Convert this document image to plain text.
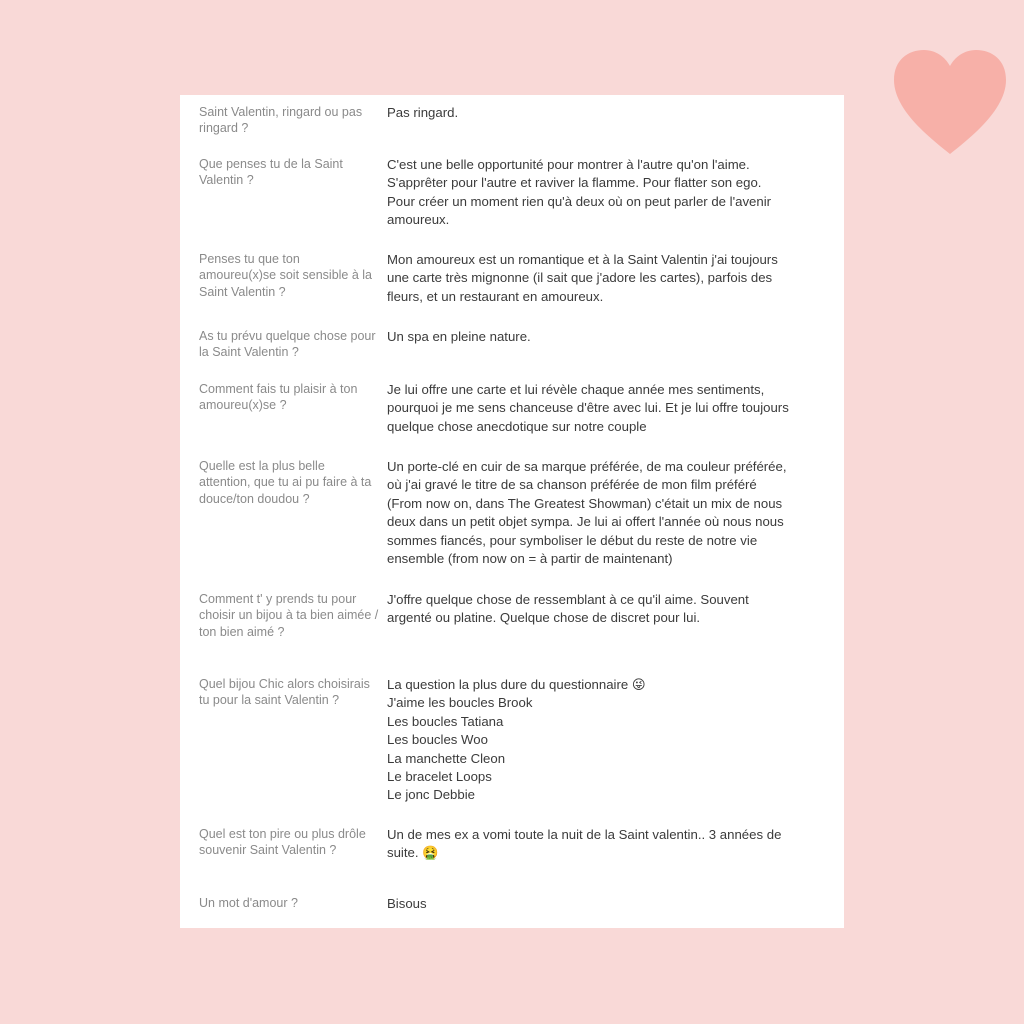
Saint Valentin, ringard ou pas ringard ?

Pas ringard.

Que penses tu de la Saint Valentin ?

C'est une belle opportunité pour montrer à l'autre qu'on l'aime.
S'apprêter pour l'autre et raviver la flamme. Pour flatter son ego.
Pour créer un moment rien qu'à deux où on peut parler de l'avenir
amoureux.

Penses tu que ton amoureu(x)se soit sensible à la Saint Valentin ?

Mon amoureux est un romantique et à la Saint Valentin j'ai toujours
une carte très mignonne (il sait que j'adore les cartes), parfois des
fleurs, et un restaurant en amoureux.

As tu prévu quelque chose pour la Saint Valentin ?

Un spa en pleine nature.

Comment fais tu plaisir à ton amoureu(x)se ?

Je lui offre une carte et lui révèle chaque année mes sentiments,
pourquoi je me sens chanceuse d'être avec lui. Et je lui offre toujours
quelque chose anecdotique sur notre couple

Quelle est la plus belle attention, que tu ai pu faire à ta douce/ton doudou ?

Un porte-clé en cuir de sa marque préférée, de ma couleur préférée,
où j'ai gravé le titre de sa chanson préférée de mon film préféré
(From now on, dans The Greatest Showman) c'était un mix de nous
deux dans un petit objet sympa. Je lui ai offert l'année où nous nous
sommes fiancés, pour symboliser le début du reste de notre vie
ensemble (from now on = à partir de maintenant)

Comment t' y prends tu pour choisir un bijou à ta bien aimée / ton bien aimé ?

J'offre quelque chose de ressemblant à ce qu'il aime. Souvent
argenté ou platine. Quelque chose de discret pour lui.

Quel bijou Chic alors choisirais tu pour la saint Valentin ?

La question la plus dure du questionnaire 😜
J'aime les boucles Brook
Les boucles Tatiana
Les boucles Woo
La manchette Cleon
Le bracelet Loops
Le jonc Debbie

Quel est ton pire ou plus drôle souvenir Saint Valentin ?

Un de mes ex a vomi toute la nuit de la Saint valentin.. 3 années de
suite. 🤮

Un mot d'amour ?	Bisous
